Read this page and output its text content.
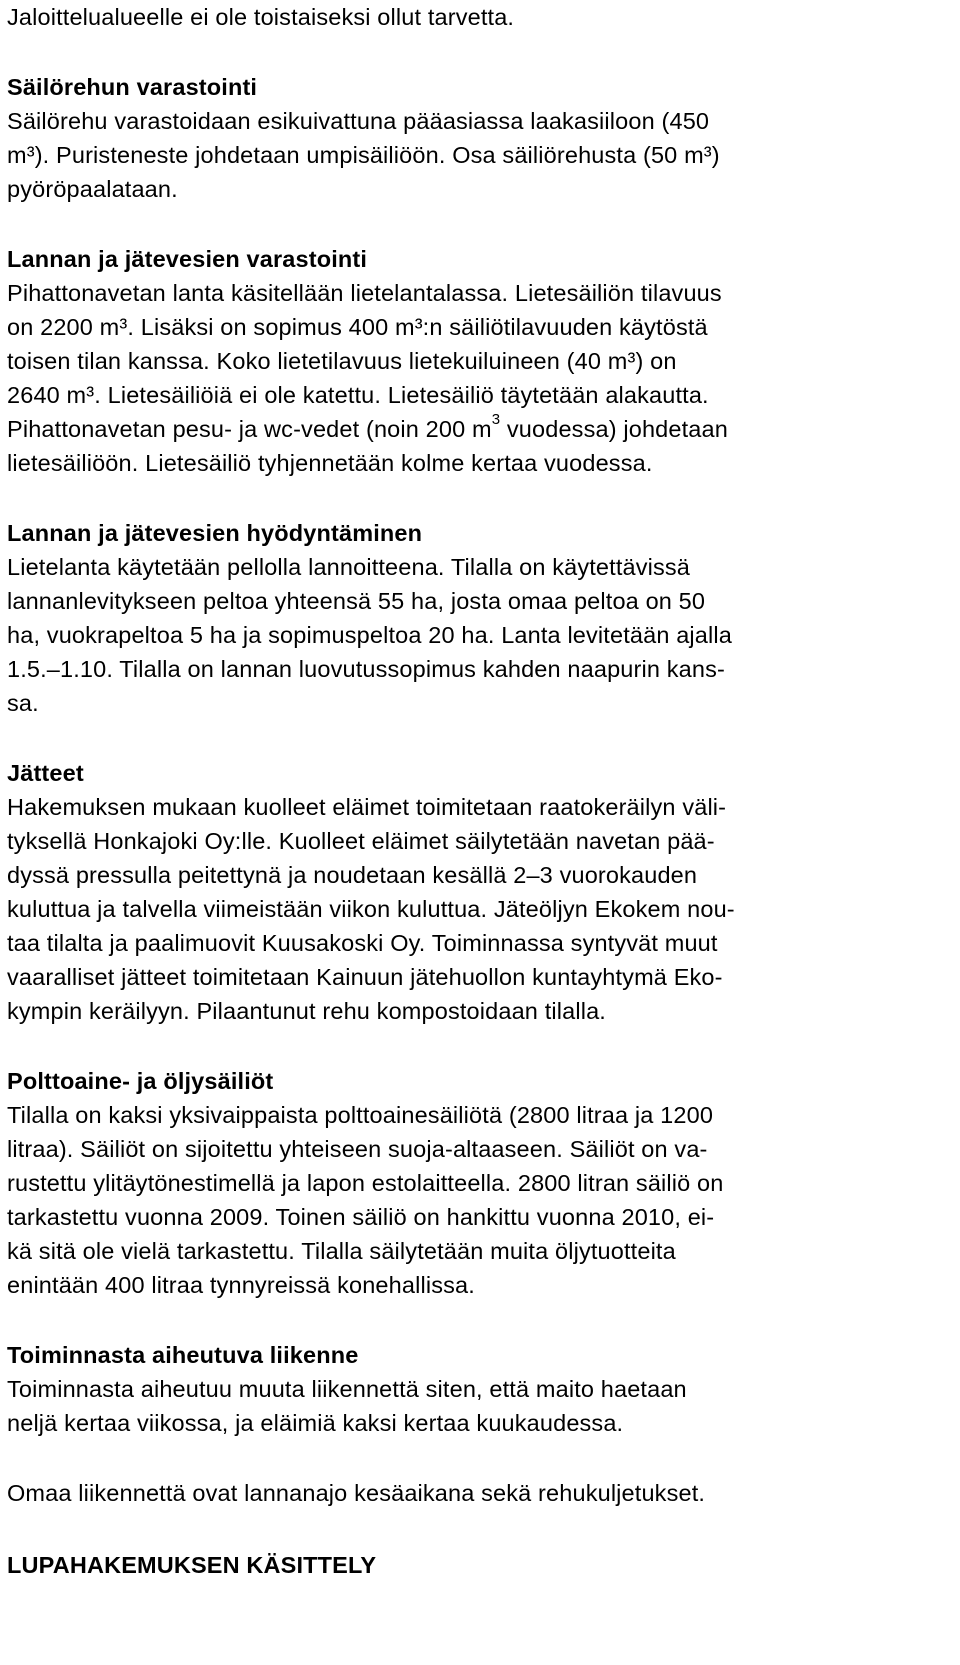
Jaloittelualueelle ei ole toistaiseksi ollut tarvetta.
Säilörehun varastointi
Säilörehu varastoidaan esikuivattuna pääasiassa laakasiiloon (450
m³). Puristeneste johdetaan umpisäiliöön. Osa säiliörehusta (50 m³)
pyöröpaalataan.
Lannan ja jätevesien varastointi
Pihattonavetan lanta käsitellään lietelantalassa. Lietesäiliön tilavuus
on 2200 m³. Lisäksi on sopimus 400 m³:n säiliötilavuuden käytöstä
toisen tilan kanssa. Koko lietetilavuus lietekuiluineen (40 m³) on
2640 m³. Lietesäiliöiä ei ole katettu. Lietesäiliö täytetään alakautta.
Pihattonavetan pesu- ja wc-vedet (noin 200 $m^3$ vuodessa) johdetaan
lietesäiliöön. Lietesäiliö tyhjennetään kolme kertaa vuodessa.
Lannan ja jätevesien hyödyntäminen
Lietelanta käytetään pellolla lannoitteena. Tilalla on käytettävissä
lannanlevitykseen peltoa yhteensä 55 ha, josta omaa peltoa on 50
ha, vuokrapeltoa 5 ha ja sopimuspeltoa 20 ha. Lanta levitetään ajalla
1.5.–1.10. Tilalla on lannan luovutussopimus kahden naapurin kans-
sa.
Jätteet
Hakemuksen mukaan kuolleet eläimet toimitetaan raatokeräilyn väli-
tyksellä Honkajoki Oy:lle. Kuolleet eläimet säilytetään navetan pää-
dyssä pressulla peitettynä ja noudetaan kesällä 2–3 vuorokauden
kuluttua ja talvella viimeistään viikon kuluttua. Jäteöljyn Ekokem nou-
taa tilalta ja paalimuovit Kuusakoski Oy. Toiminnassa syntyvät muut
vaaralliset jätteet toimitetaan Kainuun jätehuollon kuntayhtymä Eko-
kympin keräilyyn. Pilaantunut rehu kompostoidaan tilalla.
Polttoaine- ja öljysäiliöt
Tilalla on kaksi yksivaippaista polttoainesäiliötä (2800 litraa ja 1200
litraa). Säiliöt on sijoitettu yhteiseen suoja-altaaseen. Säiliöt on va-
rustettu ylitäytönestimellä ja lapon estolaitteella. 2800 litran säiliö on
tarkastettu vuonna 2009. Toinen säiliö on hankittu vuonna 2010, ei-
kä sitä ole vielä tarkastettu. Tilalla säilytetään muita öljytuotteita
enintään 400 litraa tynnyreissä konehallissa.
Toiminnasta aiheutuva liikenne
Toiminnasta aiheutuu muuta liikennettä siten, että maito haetaan
neljä kertaa viikossa, ja eläimiä kaksi kertaa kuukaudessa.
Omaa liikennettä ovat lannanajo kesäaikana sekä rehukuljetukset.
LUPAHAKEMUKSEN KÄSITTELY
